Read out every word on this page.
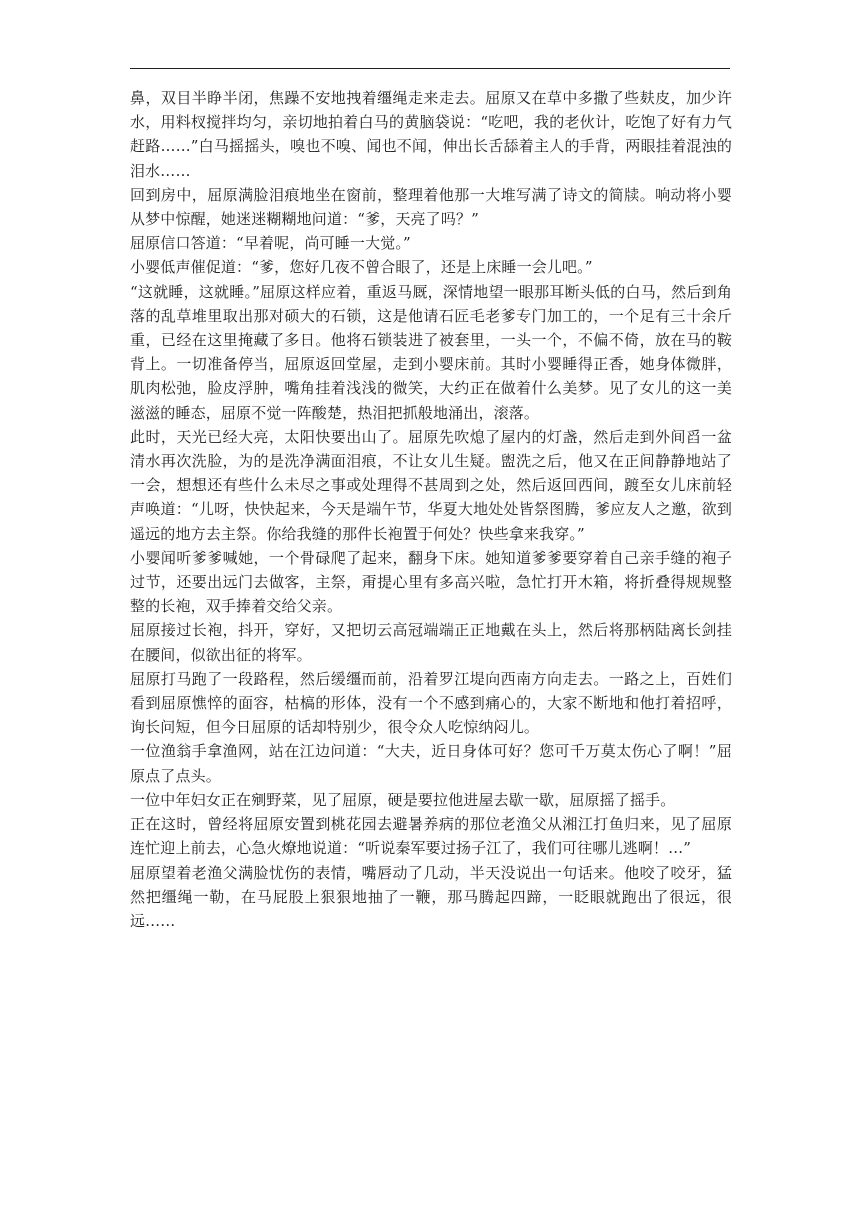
鼻，双目半睁半闭，焦躁不安地拽着缰绳走来走去。屈原又在草中多撒了些麸皮，加少许水，用料杈搅拌均匀，亲切地拍着白马的黄脑袋说：“吃吧，我的老伙计，吃饱了好有力气赶路……”白马摇摇头，嗅也不嗅、闻也不闻，伸出长舌舔着主人的手背，两眼挂着混浊的泪水……

回到房中，屈原满脸泪痕地坐在窗前，整理着他那一大堆写满了诗文的简牍。响动将小婴从梦中惊醒，她迷迷糊糊地问道：“爹，天亮了吗？”

屈原信口答道：“早着呢，尚可睡一大觉。”

小婴低声催促道：“爹，您好几夜不曾合眼了，还是上床睡一会儿吧。”

“这就睡，这就睡。”屈原这样应着，重返马厩，深情地望一眼那耳断头低的白马，然后到角落的乱草堆里取出那对硕大的石锁，这是他请石匠毛老爹专门加工的，一个足有三十余斤重，已经在这里掩藏了多日。他将石锁装进了被套里，一头一个，不偏不倚，放在马的鞍背上。一切准备停当，屈原返回堂屋，走到小婴床前。其时小婴睡得正香，她身体微胖，肌肉松弛，脸皮浮肿，嘴角挂着浅浅的微笑，大约正在做着什么美梦。见了女儿的这一美滋滋的睡态，屈原不觉一阵酸楚，热泪把抓般地涌出，滚落。

此时，天光已经大亮，太阳快要出山了。屈原先吹熄了屋内的灯盏，然后走到外间舀一盆清水再次洗脸，为的是洗净满面泪痕，不让女儿生疑。盥洗之后，他又在正间静静地站了一会，想想还有些什么未尽之事或处理得不甚周到之处，然后返回西间，踱至女儿床前轻声唤道：“儿呀，快快起来，今天是端午节，华夏大地处处皆祭图腾，爹应友人之邀，欲到遥远的地方去主祭。你给我缝的那件长袍置于何处？快些拿来我穿。”

小婴闻听爹爹喊她，一个骨碌爬了起来，翻身下床。她知道爹爹要穿着自己亲手缝的袍子过节，还要出远门去做客，主祭，甭提心里有多高兴啦，急忙打开木箱，将折叠得规规整整的长袍，双手捧着交给父亲。

屈原接过长袍，抖开，穿好，又把切云高冠端端正正地戴在头上，然后将那柄陆离长剑挂在腰间，似欲出征的将军。

屈原打马跑了一段路程，然后缓缰而前，沿着罗江堤向西南方向走去。一路之上，百姓们看到屈原憔悴的面容，枯槁的形体，没有一个不感到痛心的，大家不断地和他打着招呼，询长问短，但今日屈原的话却特别少，很令众人吃惊纳闷儿。

一位渔翁手拿渔网，站在江边问道：“大夫，近日身体可好？您可千万莫太伤心了啊！”屈原点了点头。

一位中年妇女正在剜野菜，见了屈原，硬是要拉他进屋去歇一歇，屈原摇了摇手。

正在这时，曾经将屈原安置到桃花园去避暑养病的那位老渔父从湘江打鱼归来，见了屈原连忙迎上前去，心急火燎地说道：“听说秦军要过扬子江了，我们可往哪儿逃啊！…”

屈原望着老渔父满脸忧伤的表情，嘴唇动了几动，半天没说出一句话来。他咬了咬牙，猛然把缰绳一勒，在马屁股上狠狠地抽了一鞭，那马腾起四蹄，一眨眼就跑出了很远，很远……
